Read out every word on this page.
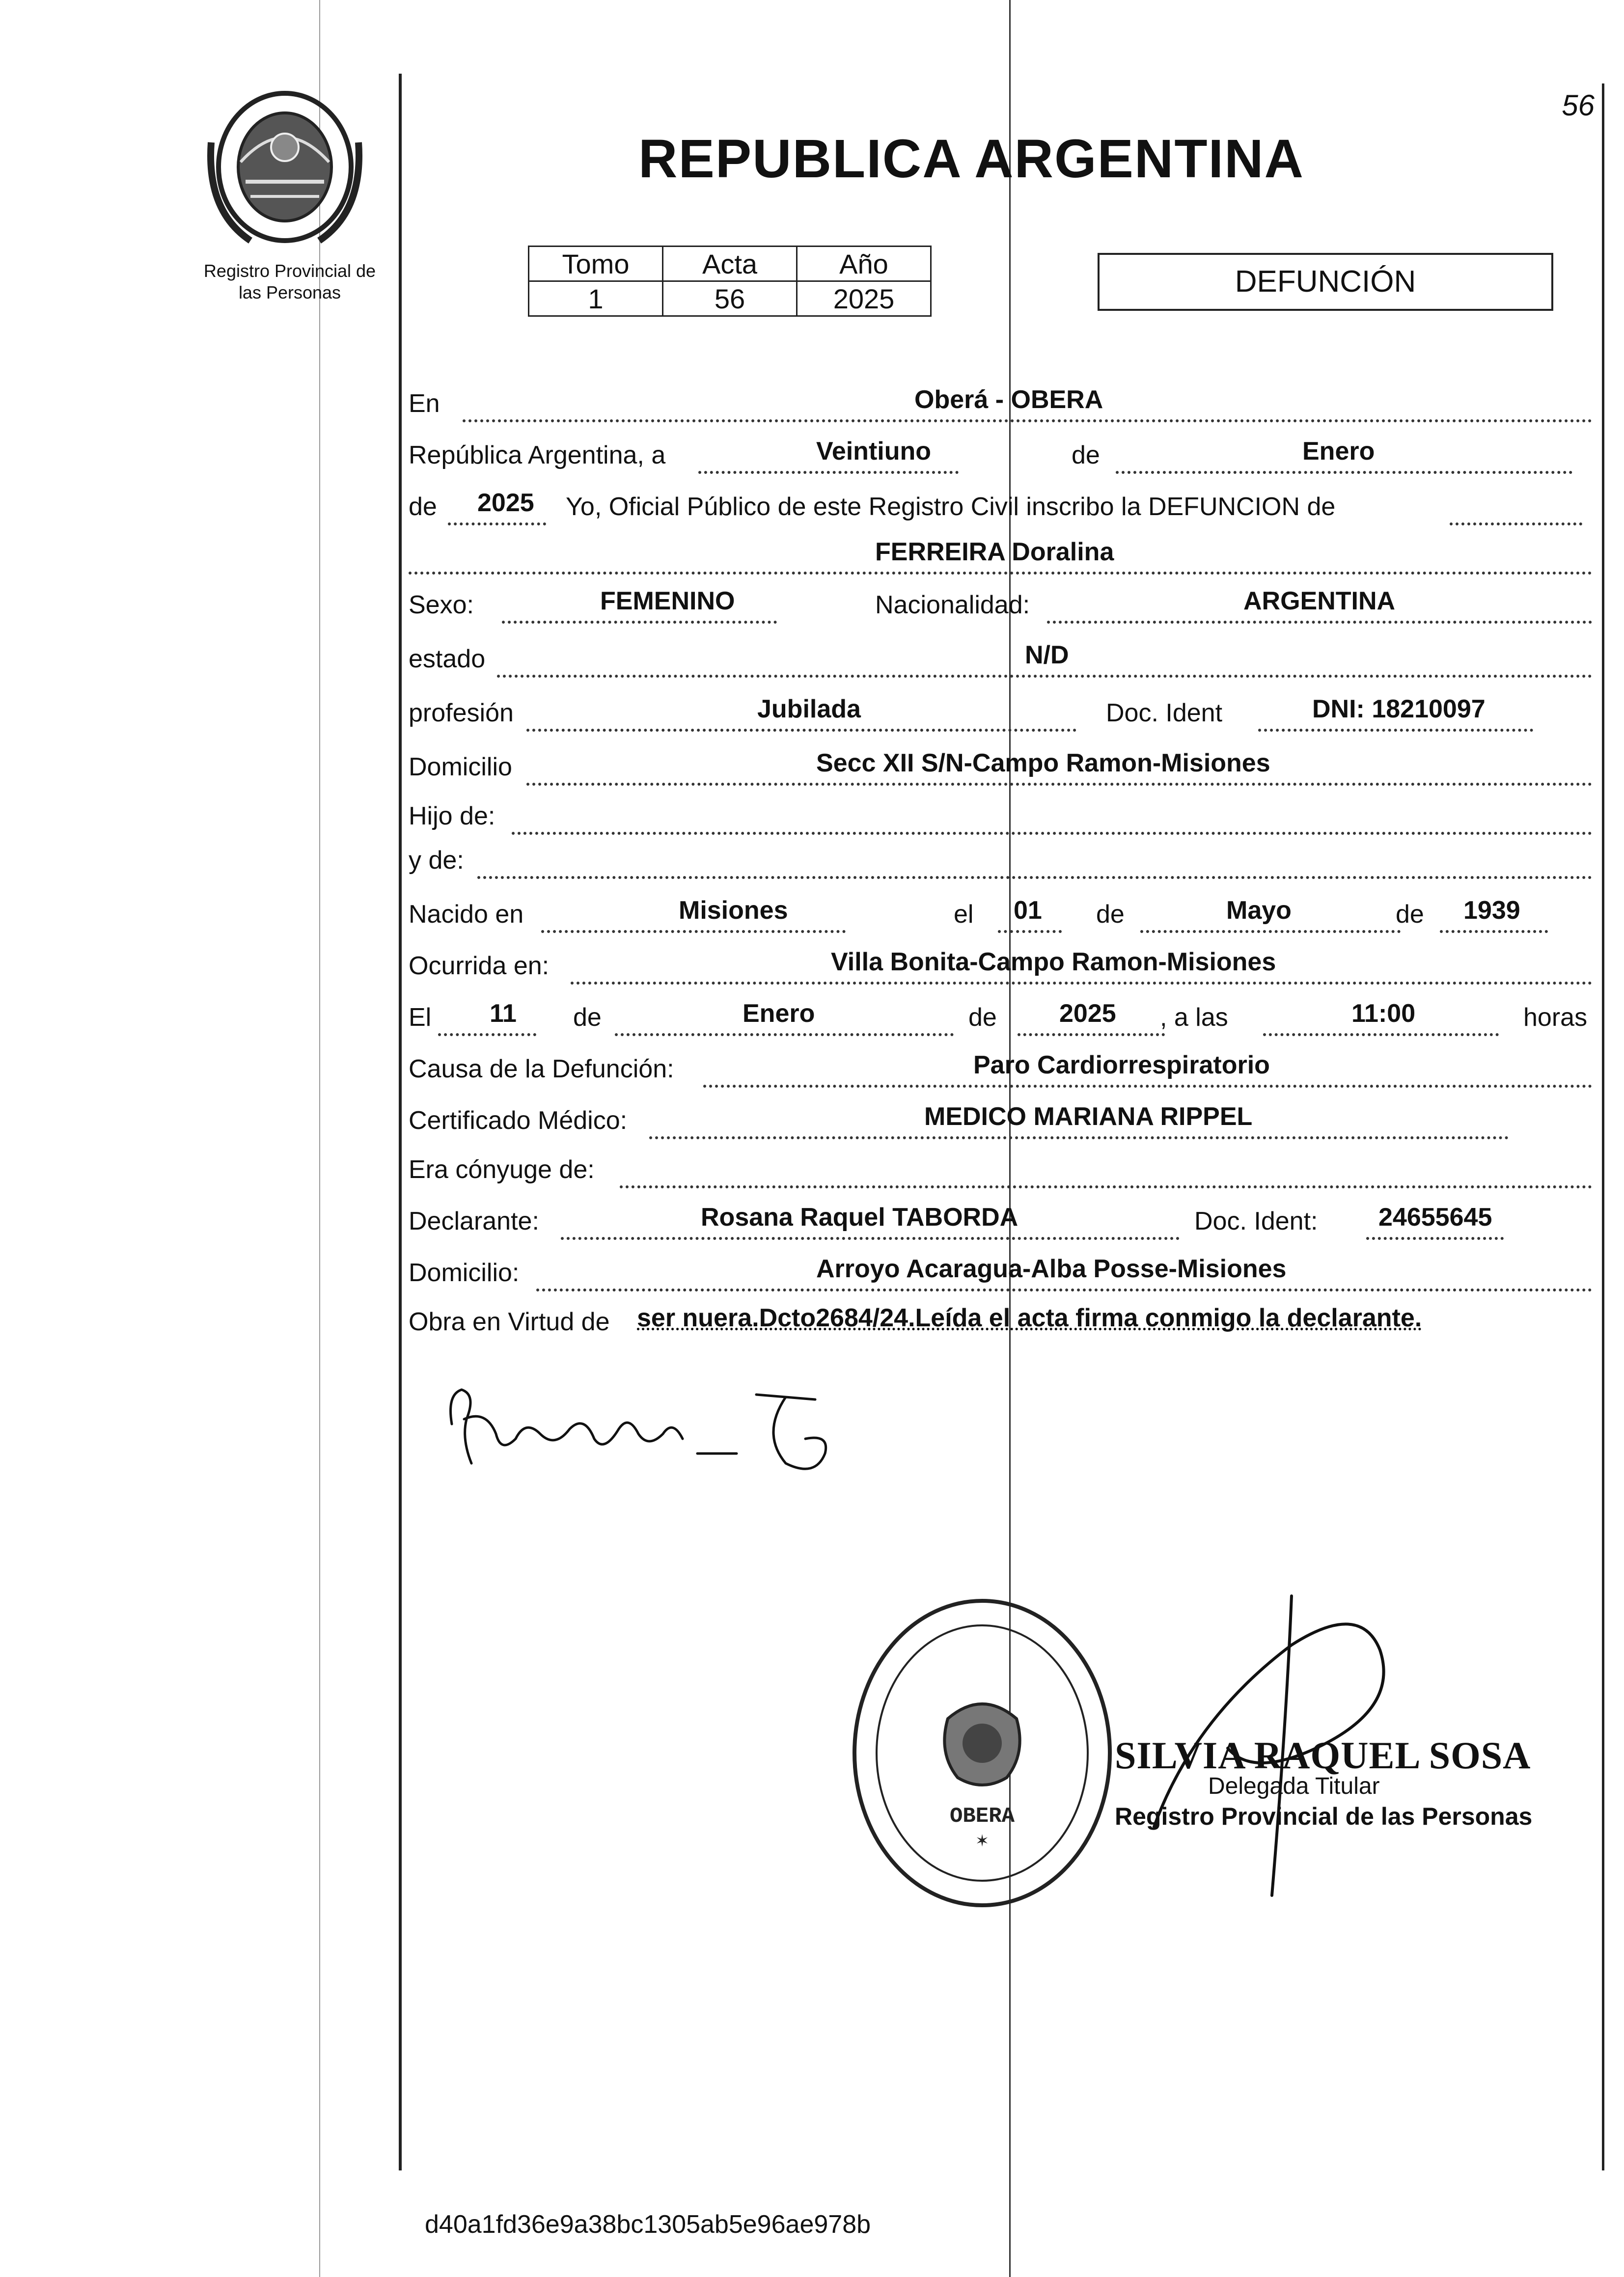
56
Registro Provincial de
las Personas
REPUBLICA ARGENTINA
Tomo	Acta	Año
1	56	2025	DEFUNCIÓN
En	Oberá - OBERA
República Argentina, a	Veintiuno	de	Enero
de 2025 Yo, Oficial Público de este Registro Civil inscribo la DEFUNCION de
FERREIRA Doralina
Sexo:	FEMENINO	Nacionalidad:	ARGENTINA
estado	N/D
profesión	Jubilada	Doc. Ident	DNI: 18210097
Domicilio	Secc XII S/N-Campo Ramon-Misiones
Hijo de:
y de:
Nacido en	Misiones	el 01 de	Mayo	de 1939
Ocurrida en:	Villa Bonita-Campo Ramon-Misiones
El 11 de	Enero	de 2025 , a las	11:00	horas
Causa de la Defunción:	Paro Cardiorrespiratorio
Certificado Médico:	MEDICO MARIANA RIPPEL
Era cónyuge de:
Declarante:	Rosana Raquel TABORDA	Doc. Ident: 24655645
Domicilio:	Arroyo Acaragua-Alba Posse-Misiones
Obra en Virtud de ser nuera.Dcto2684/24.Leída el acta firma conmigo la declarante.
✶
OBERA
SILVIA RAQUEL SOSA
Delegada Titular
Registro Provincial de las Personas
d40a1fd36e9a38bc1305ab5e96ae978b
